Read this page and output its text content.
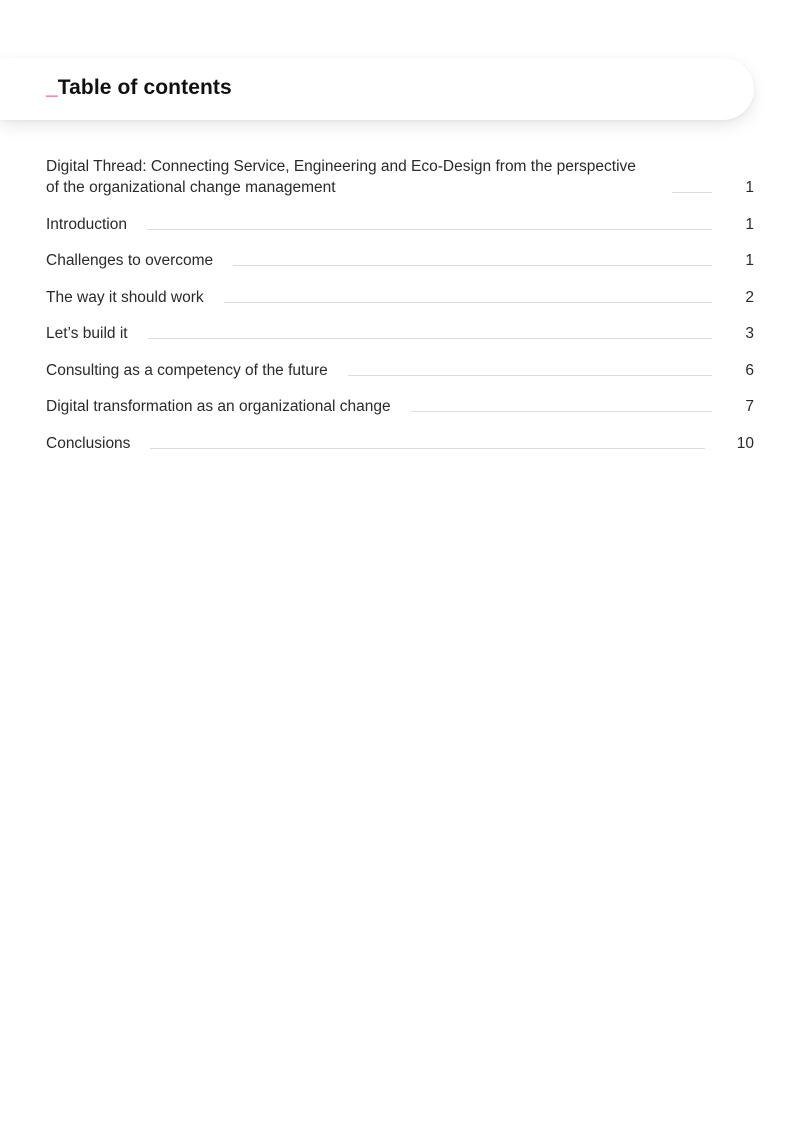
_Table of contents
Digital Thread: Connecting Service, Engineering and Eco-Design from the perspective of the organizational change management	1
Introduction	1
Challenges to overcome	1
The way it should work	2
Let’s build it	3
Consulting as a competency of the future	6
Digital transformation as an organizational change	7
Conclusions	10
